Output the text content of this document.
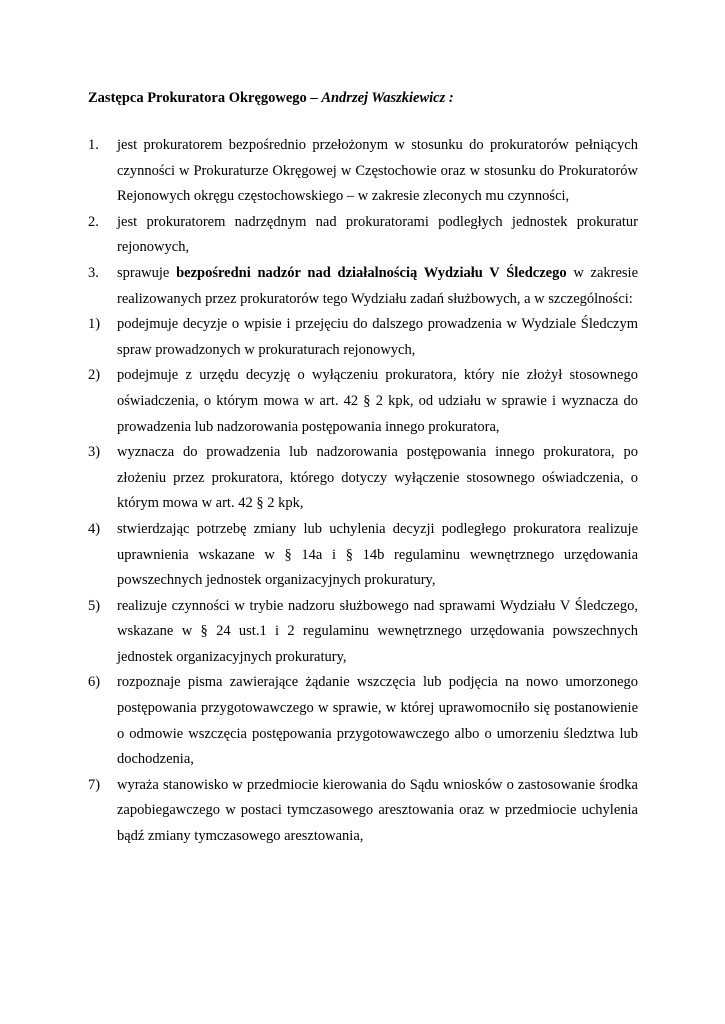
Zastępca Prokuratora Okręgowego – Andrzej Waszkiewicz :
1.	jest prokuratorem bezpośrednio przełożonym w stosunku do prokuratorów pełniących czynności w Prokuraturze Okręgowej w Częstochowie oraz w stosunku do Prokuratorów Rejonowych okręgu częstochowskiego – w zakresie zleconych mu czynności,
2.	jest prokuratorem nadrzędnym nad prokuratorami podległych jednostek prokuratur rejonowych,
3.	sprawuje bezpośredni nadzór nad działalnością Wydziału V Śledczego w zakresie realizowanych przez prokuratorów tego Wydziału zadań służbowych, a w szczególności:
1)	podejmuje decyzje o wpisie i przejęciu do dalszego prowadzenia w Wydziale Śledczym spraw prowadzonych w prokuraturach rejonowych,
2)	podejmuje z urzędu decyzję o wyłączeniu prokuratora, który nie złożył stosownego oświadczenia, o którym mowa w art. 42 § 2 kpk, od udziału w sprawie i wyznacza do prowadzenia lub nadzorowania postępowania innego prokuratora,
3)	wyznacza do prowadzenia lub nadzorowania postępowania innego prokuratora, po złożeniu przez prokuratora, którego dotyczy wyłączenie stosownego oświadczenia, o którym mowa w art. 42 § 2 kpk,
4)	stwierdzając potrzebę zmiany lub uchylenia decyzji podległego prokuratora realizuje uprawnienia wskazane w § 14a i § 14b regulaminu wewnętrznego urzędowania powszechnych jednostek organizacyjnych prokuratury,
5)	realizuje czynności w trybie nadzoru służbowego nad sprawami Wydziału V Śledczego, wskazane w § 24 ust.1 i 2 regulaminu wewnętrznego urzędowania powszechnych jednostek organizacyjnych prokuratury,
6)	rozpoznaje pisma zawierające żądanie wszczęcia lub podjęcia na nowo umorzonego postępowania przygotowawczego w sprawie, w której uprawomocniło się postanowienie o odmowie wszczęcia postępowania przygotowawczego albo o umorzeniu śledztwa lub dochodzenia,
7)	wyraża stanowisko w przedmiocie kierowania do Sądu wniosków o zastosowanie środka zapobiegawczego w postaci tymczasowego aresztowania oraz w przedmiocie uchylenia bądź zmiany tymczasowego aresztowania,
